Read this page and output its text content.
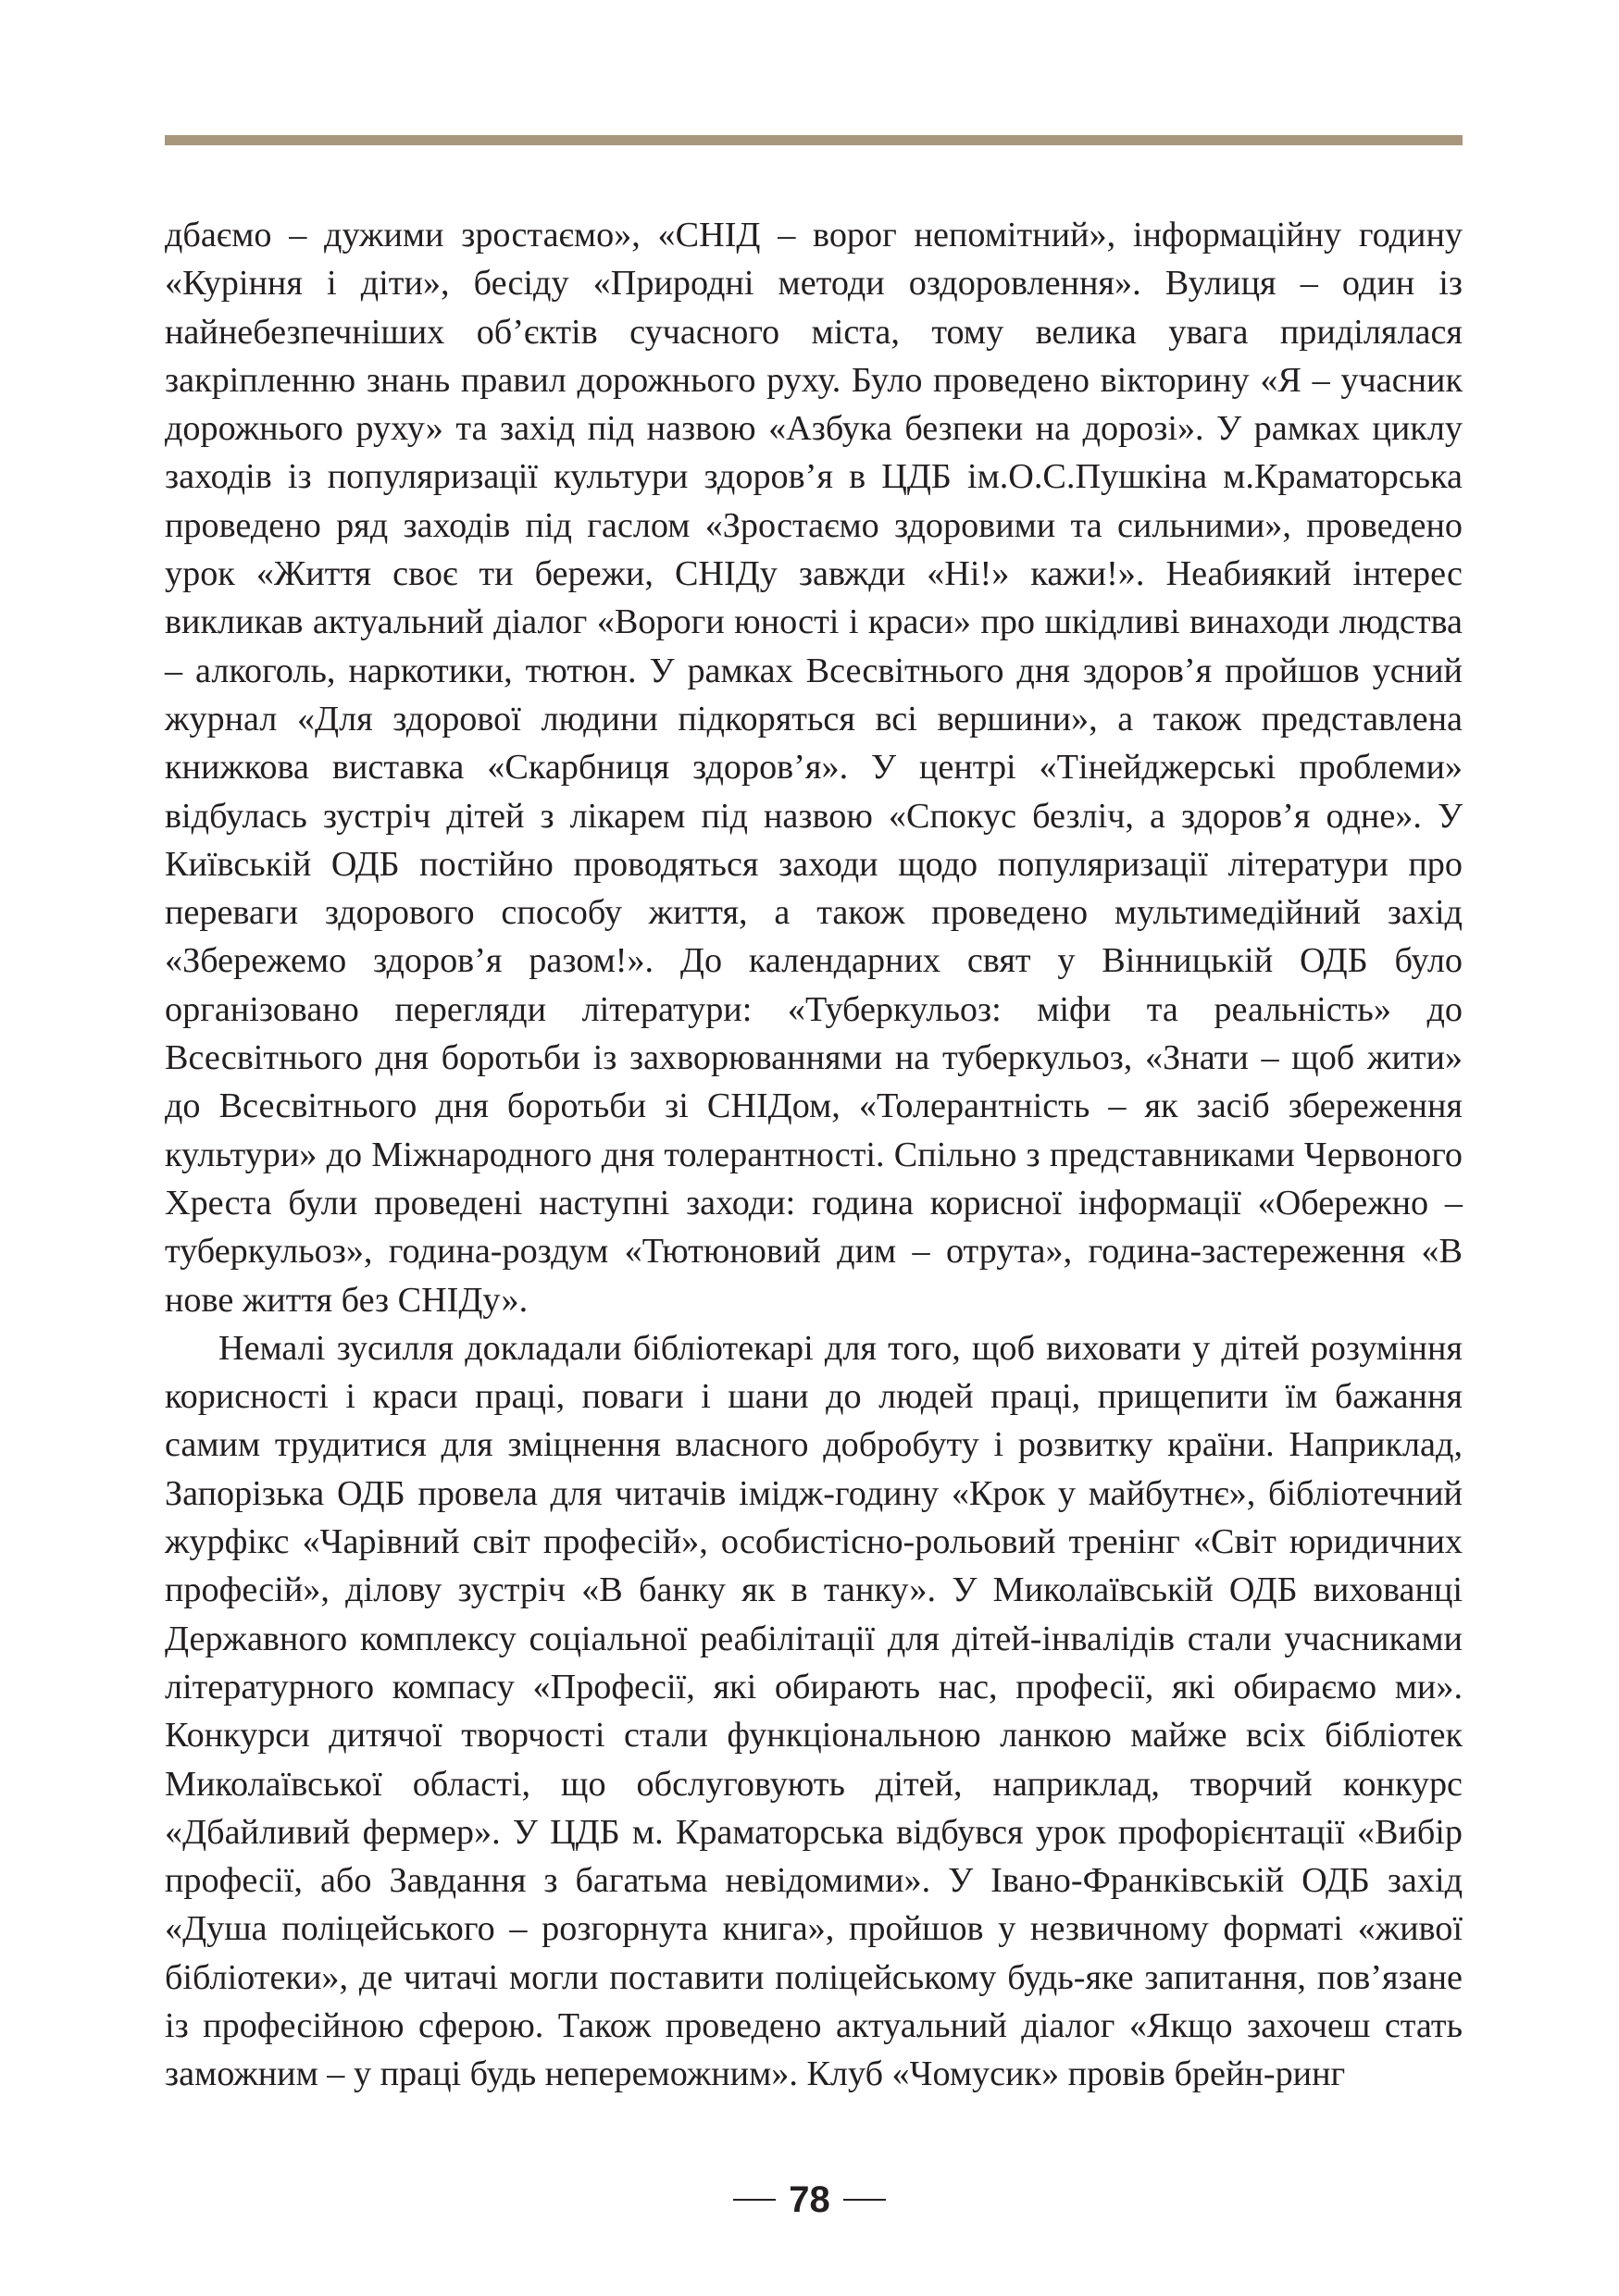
дбаємо – дужими зростаємо», «СНІД – ворог непомітний», інформаційну годину «Куріння і діти», бесіду «Природні методи оздоровлення». Вулиця – один із найнебезпечніших об’єктів сучасного міста, тому велика увага приділялася закріпленню знань правил дорожнього руху. Було проведено вікторину «Я – учасник дорожнього руху» та захід під назвою «Азбука безпеки на дорозі». У рамках циклу заходів із популяризації культури здоров’я в ЦДБ ім.О.С.Пушкіна м.Краматорська проведено ряд заходів під гаслом «Зростаємо здоровими та сильними», проведено урок «Життя своє ти бережи, СНІДу завжди «Ні!» кажи!». Неабиякий інтерес викликав актуальний діалог «Вороги юності і краси» про шкідливі винаходи людства – алкоголь, наркотики, тютюн. У рамках Всесвітнього дня здоров’я пройшов усний журнал «Для здорової людини підкоряться всі вершини», а також представлена книжкова виставка «Скарбниця здоров’я». У центрі «Тінейджерські проблеми» відбулась зустріч дітей з лікарем під назвою «Спокус безліч, а здоров’я одне». У Київській ОДБ постійно проводяться заходи щодо популяризації літератури про переваги здорового способу життя, а також проведено мультимедійний захід «Збережемо здоров’я разом!». До календарних свят у Вінницькій ОДБ було організовано перегляди літератури: «Туберкульоз: міфи та реальність» до Всесвітнього дня боротьби із захворюваннями на туберкульоз, «Знати – щоб жити» до Всесвітнього дня боротьби зі СНІДом, «Толерантність – як засіб збереження культури» до Міжнародного дня толерантності. Спільно з представниками Червоного Хреста були проведені наступні заходи: година корисної інформації «Обережно – туберкульоз», година-роздум «Тютюновий дим – отрута», година-застереження «В нове життя без СНІДу».

Немалі зусилля докладали бібліотекарі для того, щоб виховати у дітей розуміння корисності і краси праці, поваги і шани до людей праці, прищепити їм бажання самим трудитися для зміцнення власного добробуту і розвитку країни. Наприклад, Запорізька ОДБ провела для читачів імідж-годину «Крок у майбутнє», бібліотечний журфікс «Чарівний світ професій», особистісно-рольовий тренінг «Світ юридичних професій», ділову зустріч «В банку як в танку». У Миколаївській ОДБ вихованці Державного комплексу соціальної реабілітації для дітей-інвалідів стали учасниками літературного компасу «Професії, які обирають нас, професії, які обираємо ми». Конкурси дитячої творчості стали функціональною ланкою майже всіх бібліотек Миколаївської області, що обслуговують дітей, наприклад, творчий конкурс «Дбайливий фермер». У ЦДБ м. Краматорська відбувся урок профорієнтації «Вибір професії, або Завдання з багатьма невідомими». У Івано-Франківській ОДБ захід «Душа поліцейського – розгорнута книга», пройшов у незвичному форматі «живої бібліотеки», де читачі могли поставити поліцейському будь-яке запитання, пов’язане із професійною сферою. Також проведено актуальний діалог «Якщо захочеш стать заможним – у праці будь непереможним». Клуб «Чомусик» провів брейн-ринг

78
